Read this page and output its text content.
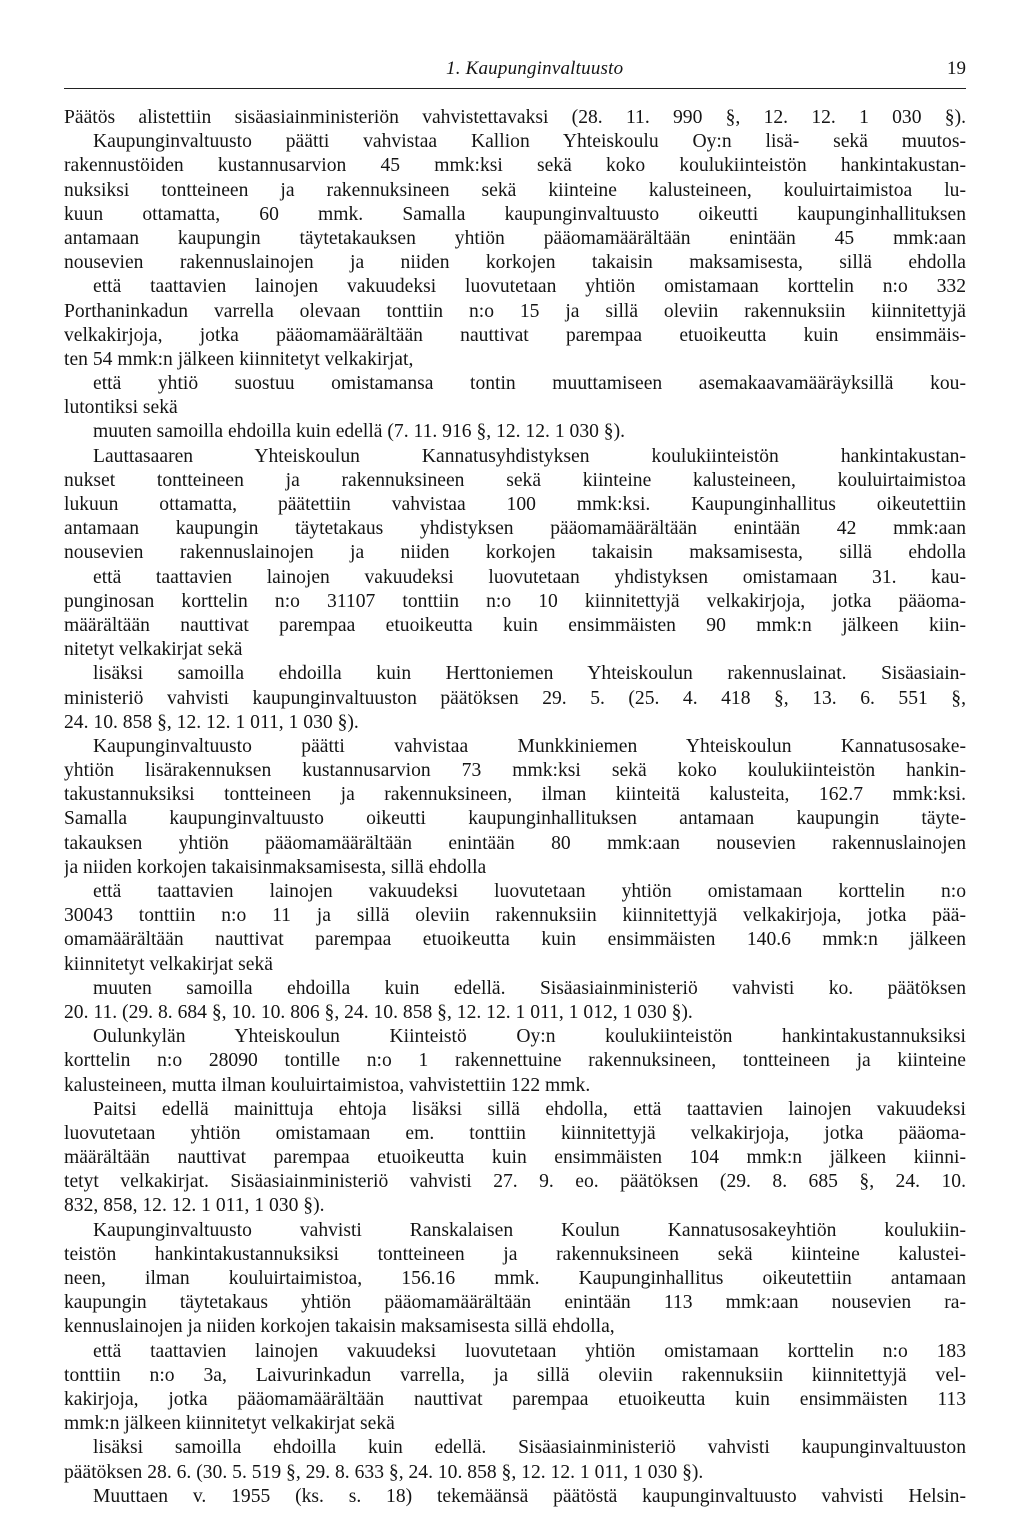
1. Kaupunginvaltuusto	19
Päätös alistettiin sisäasiainministeriön vahvistettavaksi (28. 11. 990 §, 12. 12. 1 030 §).
Kaupunginvaltuusto päätti vahvistaa Kallion Yhteiskoulu Oy:n lisä- sekä muutos-
rakennustöiden kustannusarvion 45 mmk:ksi sekä koko koulukiinteistön hankintakustan-
nuksiksi tontteineen ja rakennuksineen sekä kiinteine kalusteineen, kouluirtaimistoa lu-
kuun ottamatta, 60 mmk. Samalla kaupunginvaltuusto oikeutti kaupunginhallituksen
antamaan kaupungin täytetakauksen yhtiön pääomamäärältään enintään 45 mmk:aan
nousevien rakennuslainojen ja niiden korkojen takaisin maksamisesta, sillä ehdolla
että taattavien lainojen vakuudeksi luovutetaan yhtiön omistamaan korttelin n:o 332
Porthaninkadun varrella olevaan tonttiin n:o 15 ja sillä oleviin rakennuksiin kiinnitettyjä
velkakirjoja, jotka pääomamäärältään nauttivat parempaa etuoikeutta kuin ensimmäis-
ten 54 mmk:n jälkeen kiinnitetyt velkakirjat,
että yhtiö suostuu omistamansa tontin muuttamiseen asemakaavamääräyksillä kou-
lutontiksi sekä
muuten samoilla ehdoilla kuin edellä (7. 11. 916 §, 12. 12. 1 030 §).
Lauttasaaren Yhteiskoulun Kannatusyhdistyksen koulukiinteistön hankintakustan-
nukset tontteineen ja rakennuksineen sekä kiinteine kalusteineen, kouluirtaimistoa
lukuun ottamatta, päätettiin vahvistaa 100 mmk:ksi. Kaupunginhallitus oikeutettiin
antamaan kaupungin täytetakaus yhdistyksen pääomamäärältään enintään 42 mmk:aan
nousevien rakennuslainojen ja niiden korkojen takaisin maksamisesta, sillä ehdolla
että taattavien lainojen vakuudeksi luovutetaan yhdistyksen omistamaan 31. kau-
punginosan korttelin n:o 31107 tonttiin n:o 10 kiinnitettyjä velkakirjoja, jotka pääoma-
määrältään nauttivat parempaa etuoikeutta kuin ensimmäisten 90 mmk:n jälkeen kiin-
nitetyt velkakirjat sekä
lisäksi samoilla ehdoilla kuin Herttoniemen Yhteiskoulun rakennuslainat. Sisäasiain-
ministeriö vahvisti kaupunginvaltuuston päätöksen 29. 5. (25. 4. 418 §, 13. 6. 551 §,
24. 10. 858 §, 12. 12. 1 011, 1 030 §).
Kaupunginvaltuusto päätti vahvistaa Munkkiniemen Yhteiskoulun Kannatusosake-
yhtiön lisärakennuksen kustannusarvion 73 mmk:ksi sekä koko koulukiinteistön hankin-
takustannuksiksi tontteineen ja rakennuksineen, ilman kiinteitä kalusteita, 162.7 mmk:ksi.
Samalla kaupunginvaltuusto oikeutti kaupunginhallituksen antamaan kaupungin täyte-
takauksen yhtiön pääomamäärältään enintään 80 mmk:aan nousevien rakennuslainojen
ja niiden korkojen takaisinmaksamisesta, sillä ehdolla
että taattavien lainojen vakuudeksi luovutetaan yhtiön omistamaan korttelin n:o
30043 tonttiin n:o 11 ja sillä oleviin rakennuksiin kiinnitettyjä velkakirjoja, jotka pää-
omamäärältään nauttivat parempaa etuoikeutta kuin ensimmäisten 140.6 mmk:n jälkeen
kiinnitetyt velkakirjat sekä
muuten samoilla ehdoilla kuin edellä. Sisäasiainministeriö vahvisti ko. päätöksen
20. 11. (29. 8. 684 §, 10. 10. 806 §, 24. 10. 858 §, 12. 12. 1 011, 1 012, 1 030 §).
Oulunkylän Yhteiskoulun Kiinteistö Oy:n koulukiinteistön hankintakustannuksiksi
korttelin n:o 28090 tontille n:o 1 rakennettuine rakennuksineen, tontteineen ja kiinteine
kalusteineen, mutta ilman kouluirtaimistoa, vahvistettiin 122 mmk.
Paitsi edellä mainittuja ehtoja lisäksi sillä ehdolla, että taattavien lainojen vakuudeksi
luovutetaan yhtiön omistamaan em. tonttiin kiinnitettyjä velkakirjoja, jotka pääoma-
määrältään nauttivat parempaa etuoikeutta kuin ensimmäisten 104 mmk:n jälkeen kiinni-
tetyt velkakirjat. Sisäasiainministeriö vahvisti 27. 9. eo. päätöksen (29. 8. 685 §, 24. 10.
832, 858, 12. 12. 1 011, 1 030 §).
Kaupunginvaltuusto vahvisti Ranskalaisen Koulun Kannatusosakeyhtiön koulukiin-
teistön hankintakustannuksiksi tontteineen ja rakennuksineen sekä kiinteine kalustei-
neen, ilman kouluirtaimistoa, 156.16 mmk. Kaupunginhallitus oikeutettiin antamaan
kaupungin täytetakaus yhtiön pääomamäärältään enintään 113 mmk:aan nousevien ra-
kennuslainojen ja niiden korkojen takaisin maksamisesta sillä ehdolla,
että taattavien lainojen vakuudeksi luovutetaan yhtiön omistamaan korttelin n:o 183
tonttiin n:o 3a, Laivurinkadun varrella, ja sillä oleviin rakennuksiin kiinnitettyjä vel-
kakirjoja, jotka pääomamäärältään nauttivat parempaa etuoikeutta kuin ensimmäisten 113
mmk:n jälkeen kiinnitetyt velkakirjat sekä
lisäksi samoilla ehdoilla kuin edellä. Sisäasiainministeriö vahvisti kaupunginvaltuuston
päätöksen 28. 6. (30. 5. 519 §, 29. 8. 633 §, 24. 10. 858 §, 12. 12. 1 011, 1 030 §).
Muuttaen v. 1955 (ks. s. 18) tekemäänsä päätöstä kaupunginvaltuusto vahvisti Helsin-
